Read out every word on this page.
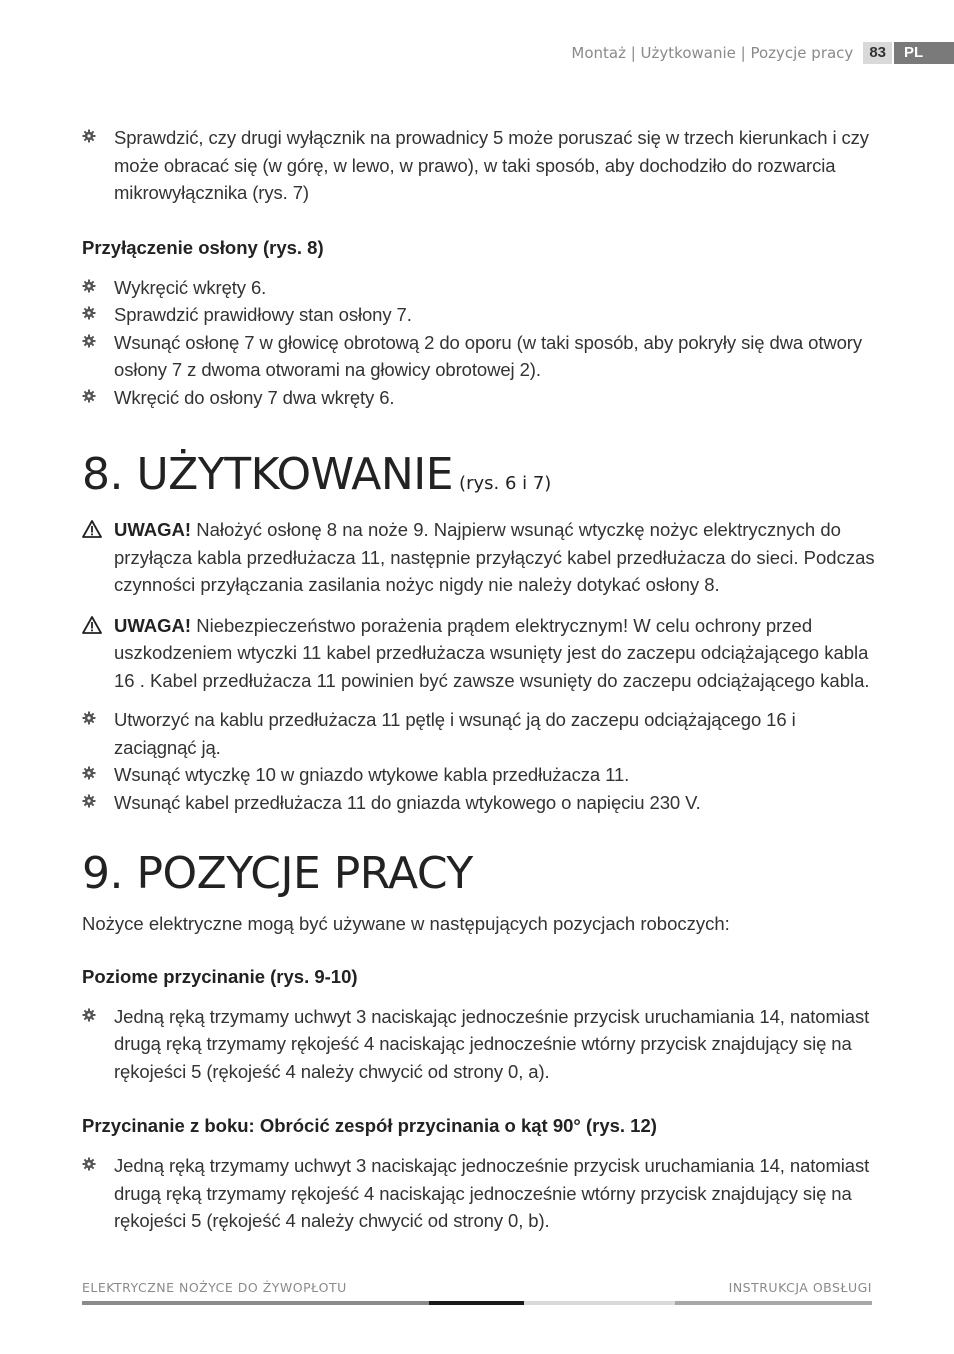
Montaż | Użytkowanie | Pozycje pracy	83	PL
Sprawdzić, czy drugi wyłącznik na prowadnicy 5 może poruszać się w trzech kierunkach i czy może obracać się (w górę, w lewo, w prawo), w taki sposób, aby dochodziło do rozwarcia mikrowyłącznika (rys. 7)
Przyłączenie osłony (rys. 8)
Wykręcić wkręty 6.
Sprawdzić prawidłowy stan osłony 7.
Wsunąć osłonę 7 w głowicę obrotową 2 do oporu (w taki sposób, aby pokryły się dwa otwory osłony 7 z dwoma otworami na głowicy obrotowej 2).
Wkręcić do osłony 7 dwa wkręty 6.
8. UŻYTKOWANIE (rys. 6 i 7)
UWAGA! Nałożyć osłonę 8 na noże 9. Najpierw wsunąć wtyczkę nożyc elektrycznych do przyłącza kabla przedłużacza 11, następnie przyłączyć kabel przedłużacza do sieci. Podczas czynności przyłączania zasilania nożyc nigdy nie należy dotykać osłony 8.
UWAGA! Niebezpieczeństwo porażenia prądem elektrycznym! W celu ochrony przed uszkodzeniem wtyczki 11 kabel przedłużacza wsunięty jest do zaczepu odciążającego kabla 16 . Kabel przedłużacza 11 powinien być zawsze wsunięty do zaczepu odciążającego kabla.
Utworzyć na kablu przedłużacza 11 pętlę i wsunąć ją do zaczepu odciążającego 16 i zaciągnąć ją.
Wsunąć wtyczkę 10 w gniazdo wtykowe kabla przedłużacza 11.
Wsunąć kabel przedłużacza 11 do gniazda wtykowego o napięciu 230 V.
9. POZYCJE PRACY

Nożyce elektryczne mogą być używane w następujących pozycjach roboczych:

Poziome przycinanie (rys. 9-10)
Jedną ręką trzymamy uchwyt 3 naciskając jednocześnie przycisk uruchamiania 14, natomiast drugą ręką trzymamy rękojeść 4 naciskając jednocześnie wtórny przycisk znajdujący się na rękojeści 5 (rękojeść 4 należy chwycić od strony 0, a).
Przycinanie z boku: Obrócić zespół przycinania o kąt 90° (rys. 12)
Jedną ręką trzymamy uchwyt 3 naciskając jednocześnie przycisk uruchamiania 14, natomiast drugą ręką trzymamy rękojeść 4 naciskając jednocześnie wtórny przycisk znajdujący się na rękojeści 5 (rękojeść 4 należy chwycić od strony 0, b).
ELEKTRYCZNE NOŻYCE DO ŻYWOPŁOTU	INSTRUKCJA OBSŁUGI
